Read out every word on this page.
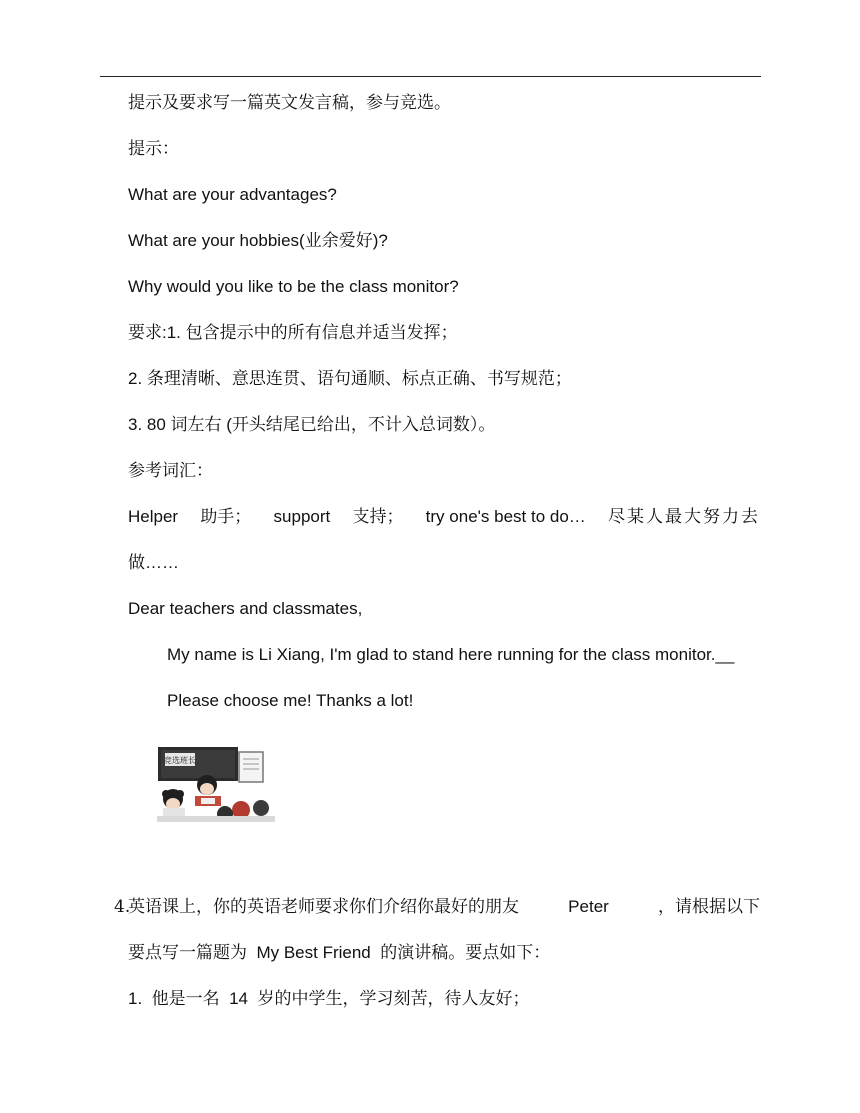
提示及要求写一篇英文发言稿，参与竞选。
提示：
What are your advantages?
What are your hobbies(业余爱好)?
Why would you like to be the class monitor?
要求:1. 包含提示中的所有信息并适当发挥；
2. 条理清晰、意思连贯、语句通顺、标点正确、书写规范；
3. 80 词左右 (开头结尾已给出，不计入总词数）。
参考词汇：
Helper 助手； support 支持； try one's best to do… 尽某人最大努力去
做……
Dear teachers and classmates,
My name is Li Xiang, I'm glad to stand here running for the class monitor.__
Please choose me! Thanks a lot!
竞选班长
4.
英语课上，你的英语老师要求你们介绍你最好的朋友	Peter	，请根据以下
要点写一篇题为 My Best Friend 的演讲稿。要点如下：
1. 他是一名 14 岁的中学生，学习刻苦，待人友好；
